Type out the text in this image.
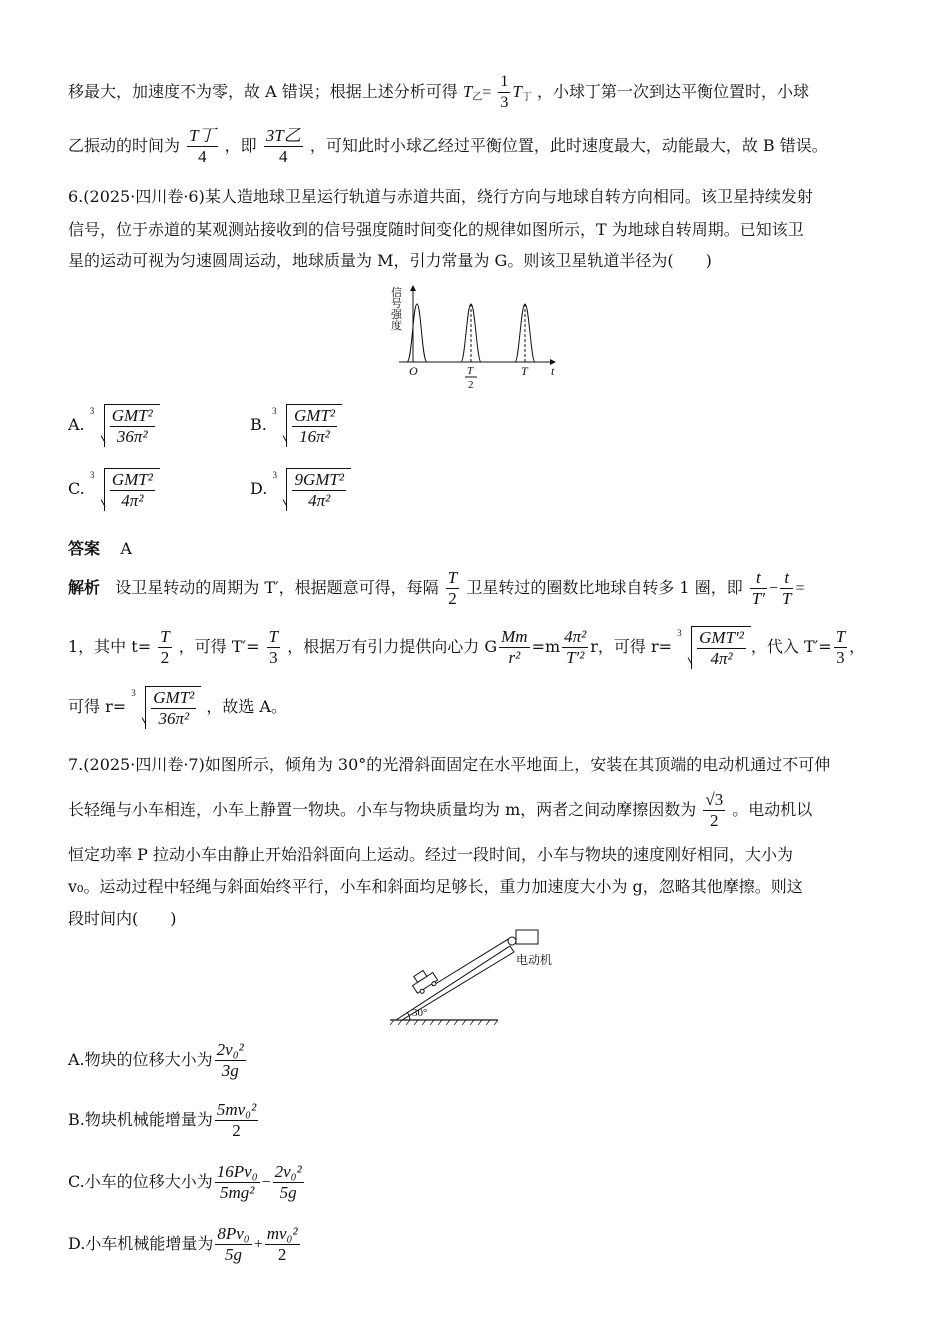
移最大，加速度不为零，故 A 错误；根据上述分析可得 $T_乙= \frac{1}{3} T_丁$ ，小球丁第一次到达平衡位置时，小球
乙振动的时间为 $\frac{\text{T丁}}{4}$ ，即 $\frac{\text{3T乙}}{4}$ ，可知此时小球乙经过平衡位置，此时速度最大，动能最大，故 B 错误。
6.(2025·四川卷·6)某人造地球卫星运行轨道与赤道共面，绕行方向与地球自转方向相同。该卫星持续发射
信号，位于赤道的某观测站接收到的信号强度随时间变化的规律如图所示，T 为地球自转周期。已知该卫
星的运动可视为匀速圆周运动，地球质量为 M，引力常量为 G。则该卫星轨道半径为(　　)
信
号
强
度
O	T
2
T t
A.
$3 \frac{\text{GMT²}}{\text{36π²}}$	B.
$3 \frac{\text{GMT²}}{\text{16π²}}$
C.
$3 \frac{\text{GMT²}}{\text{4π²}}$	D.
$3 \frac{\text{9GMT²}}{\text{4π²}}$
答案 A
解析 设卫星转动的周期为 T′，根据题意可得，每隔 $\frac{T}{2}$ 卫星转过的圈数比地球自转多 1 圈，即 $\frac{t}{T'} - \frac{t}{T}$ =
1，其中 $t= \frac{T}{2}$ ，可得 $T'= \frac{T}{3}$ ，根据万有引力提供向心力 G $\frac{Mm}{\text{r²}} =m \frac{\text{4π²}}{\text{T′²}}$ r，可得 r=
$3 \frac{\text{GMT′²}}{\text{4π²}}$ ，代入 $T'= \frac{T}{3}$ ，
可得 r=
$3 \frac{\text{GMT²}}{\text{36π²}}$ ，故选 A。
7.(2025·四川卷·7)如图所示，倾角为 30°的光滑斜面固定在水平地面上，安装在其顶端的电动机通过不可伸
长轻绳与小车相连，小车上静置一物块。小车与物块质量均为 m，两者之间动摩擦因数为 $\frac{√3}{2}$ 。电动机以
恒定功率 P 拉动小车由静止开始沿斜面向上运动。经过一段时间，小车与物块的速度刚好相同，大小为
v₀。运动过程中轻绳与斜面始终平行，小车和斜面均足够长，重力加速度大小为 g，忽略其他摩擦。则这
段时间内(　　)
电动机
30°
A.物块的位移大小为 $\frac{\text{2v₀²}}{3g}$
B.物块机械能增量为 $\frac{\text{5mv₀²}}{2}$
C.小车的位移大小为 $\frac{\text{16Pv₀}}{\text{5mg²}} - \frac{\text{2v₀²}}{5g}$
D.小车机械能增量为 $\frac{\text{8Pv₀}}{5g} + \frac{\text{mv₀²}}{2}$
